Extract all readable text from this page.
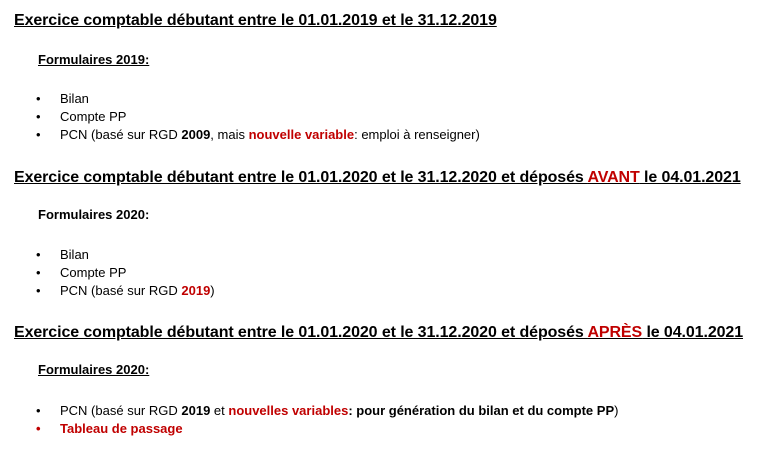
Exercice comptable débutant entre le 01.01.2019 et le 31.12.2019

Formulaires 2019:

•	Bilan
•	Compte PP
•	PCN (basé sur RGD 2009, mais nouvelle variable: emploi à renseigner)
Exercice comptable débutant entre le 01.01.2020 et le 31.12.2020 et déposés AVANT le 04.01.2021

Formulaires 2020:

•	Bilan
•	Compte PP
•	PCN (basé sur RGD 2019)
Exercice comptable débutant entre le 01.01.2020 et le 31.12.2020 et déposés APRÈS le 04.01.2021

Formulaires 2020:

•	PCN (basé sur RGD 2019 et nouvelles variables: pour génération du bilan et du compte PP)
•	Tableau de passage
